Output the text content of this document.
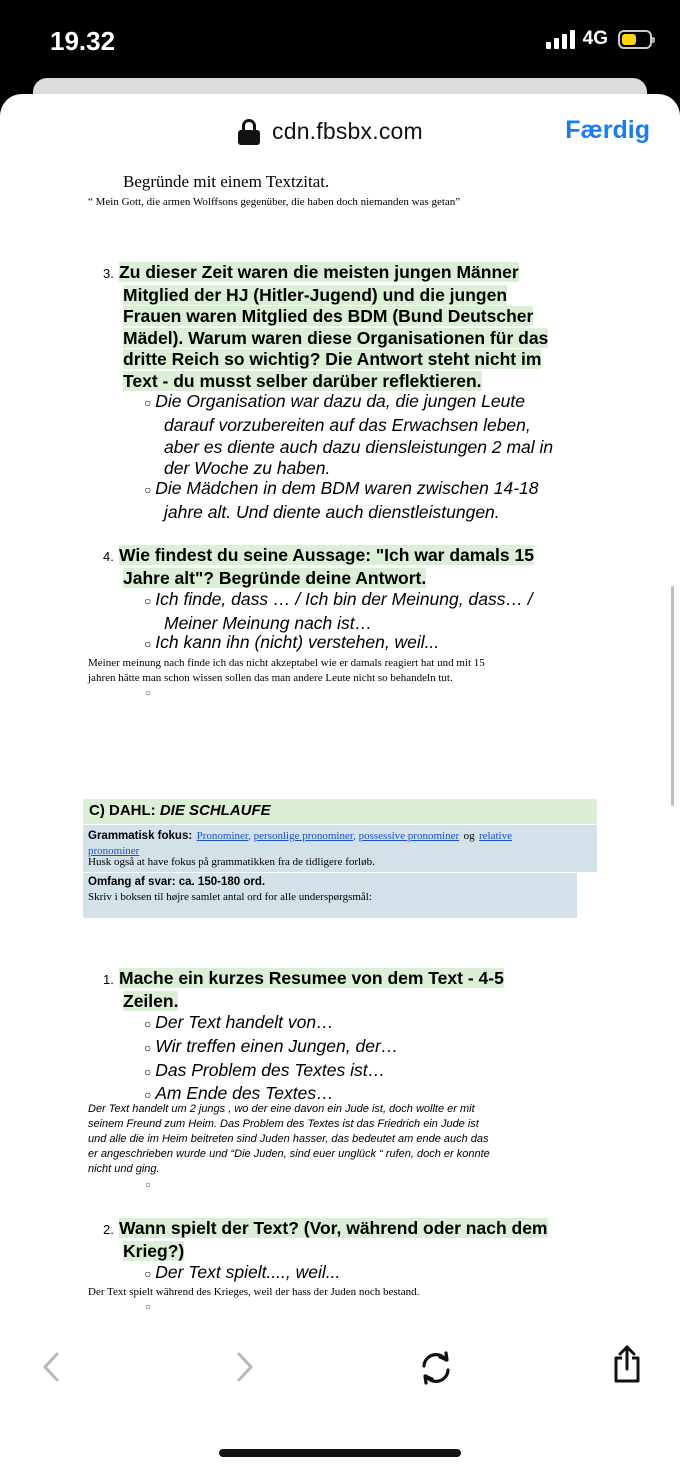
19.32	4G
cdn.fbsbx.com	Færdig
Begründe mit einem Textzitat.
“ Mein Gott, die armen Wolffsons gegenüber, die haben doch niemanden was getan”
3. Zu dieser Zeit waren die meisten jungen Männer
Mitglied der HJ (Hitler-Jugend) und die jungen
Frauen waren Mitglied des BDM (Bund Deutscher
Mädel). Warum waren diese Organisationen für das
dritte Reich so wichtig? Die Antwort steht nicht im
Text - du musst selber darüber reflektieren.
○ Die Organisation war dazu da, die jungen Leute
darauf vorzubereiten auf das Erwachsen leben,
aber es diente auch dazu diensleistungen 2 mal in
der Woche zu haben.
○ Die Mädchen in dem BDM waren zwischen 14-18
jahre alt. Und diente auch dienstleistungen.
4. Wie findest du seine Aussage: "Ich war damals 15
Jahre alt"? Begründe deine Antwort.
○ Ich finde, dass … / Ich bin der Meinung, dass… /
Meiner Meinung nach ist…
○ Ich kann ihn (nicht) verstehen, weil...
Meiner meinung nach finde ich das nicht akzeptabel wie er damals reagiert hat und mit 15
jahren hätte man schon wissen sollen das man andere Leute nicht so behandeln tut.
○
C) DAHL: DIE SCHLAUFE
Grammatisk fokus: Pronominer, personlige pronominer, possessive pronominer og relative
pronominer
Husk også at have fokus på grammatikken fra de tidligere forløb.
Omfang af svar: ca. 150-180 ord.
Skriv i boksen til højre samlet antal ord for alle underspørgsmål:
1. Mache ein kurzes Resumee von dem Text - 4-5
Zeilen.
○ Der Text handelt von…
○ Wir treffen einen Jungen, der…
○ Das Problem des Textes ist…
○ Am Ende des Textes…
Der Text handelt um 2 jungs , wo der eine davon ein Jude ist, doch wollte er mit
seinem Freund zum Heim. Das Problem des Textes ist das Friedrich ein Jude ist
und alle die im Heim beitreten sind Juden hasser, das bedeutet am ende auch das
er angeschrieben wurde und “Die Juden, sind euer unglück “ rufen, doch er konnte
nicht und ging.
○
2. Wann spielt der Text? (Vor, während oder nach dem
Krieg?)
○ Der Text spielt...., weil...
Der Text spielt während des Krieges, weil der hass der Juden noch bestand.
○
